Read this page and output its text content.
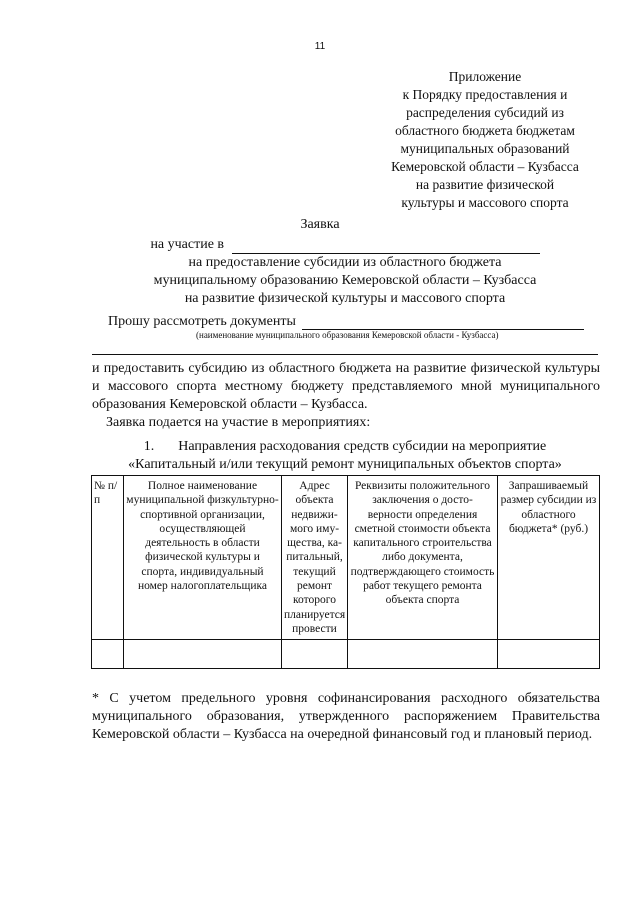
11
Приложение
к Порядку предоставления и
распределения субсидий из
областного бюджета бюджетам
муниципальных образований
Кемеровской области – Кузбасса
на развитие физической
культуры и массового спорта
Заявка
на участие в
на предоставление субсидии из областного бюджета
муниципальному образованию Кемеровской области – Кузбасса
на развитие физической культуры и массового спорта
Прошу рассмотреть документы
(наименование муниципального образования Кемеровской области - Кузбасса)
и предоставить субсидию из областного бюджета на развитие физической культуры и массового спорта местному бюджету представляемого мной муниципального образования Кемеровской области – Кузбасса.
Заявка подается на участие в мероприятиях:
1. Направления расходования средств субсидии на мероприятие
«Капитальный и/или текущий ремонт муниципальных объектов спорта»
№ п/п	Полное наименование муниципальной физкультурно-спортивной организации, осуществляющей деятельность в области физической культуры и спорта, индивидуальный номер налогоплательщика	Адрес объекта недвижи-мого иму-щества, ка-питальный, текущий ремонт которого планируется провести	Реквизиты положительного заключения о досто-верности определения сметной стоимости объекта капитального строительства либо документа, подтверждающего стоимость работ текущего ремонта объекта спорта	Запрашиваемый размер субсидии из областного бюджета* (руб.)

* С учетом предельного уровня софинансирования расходного обязательства муниципального образования, утвержденного распоряжением Правительства Кемеровской области – Кузбасса на очередной финансовый год и плановый период.
